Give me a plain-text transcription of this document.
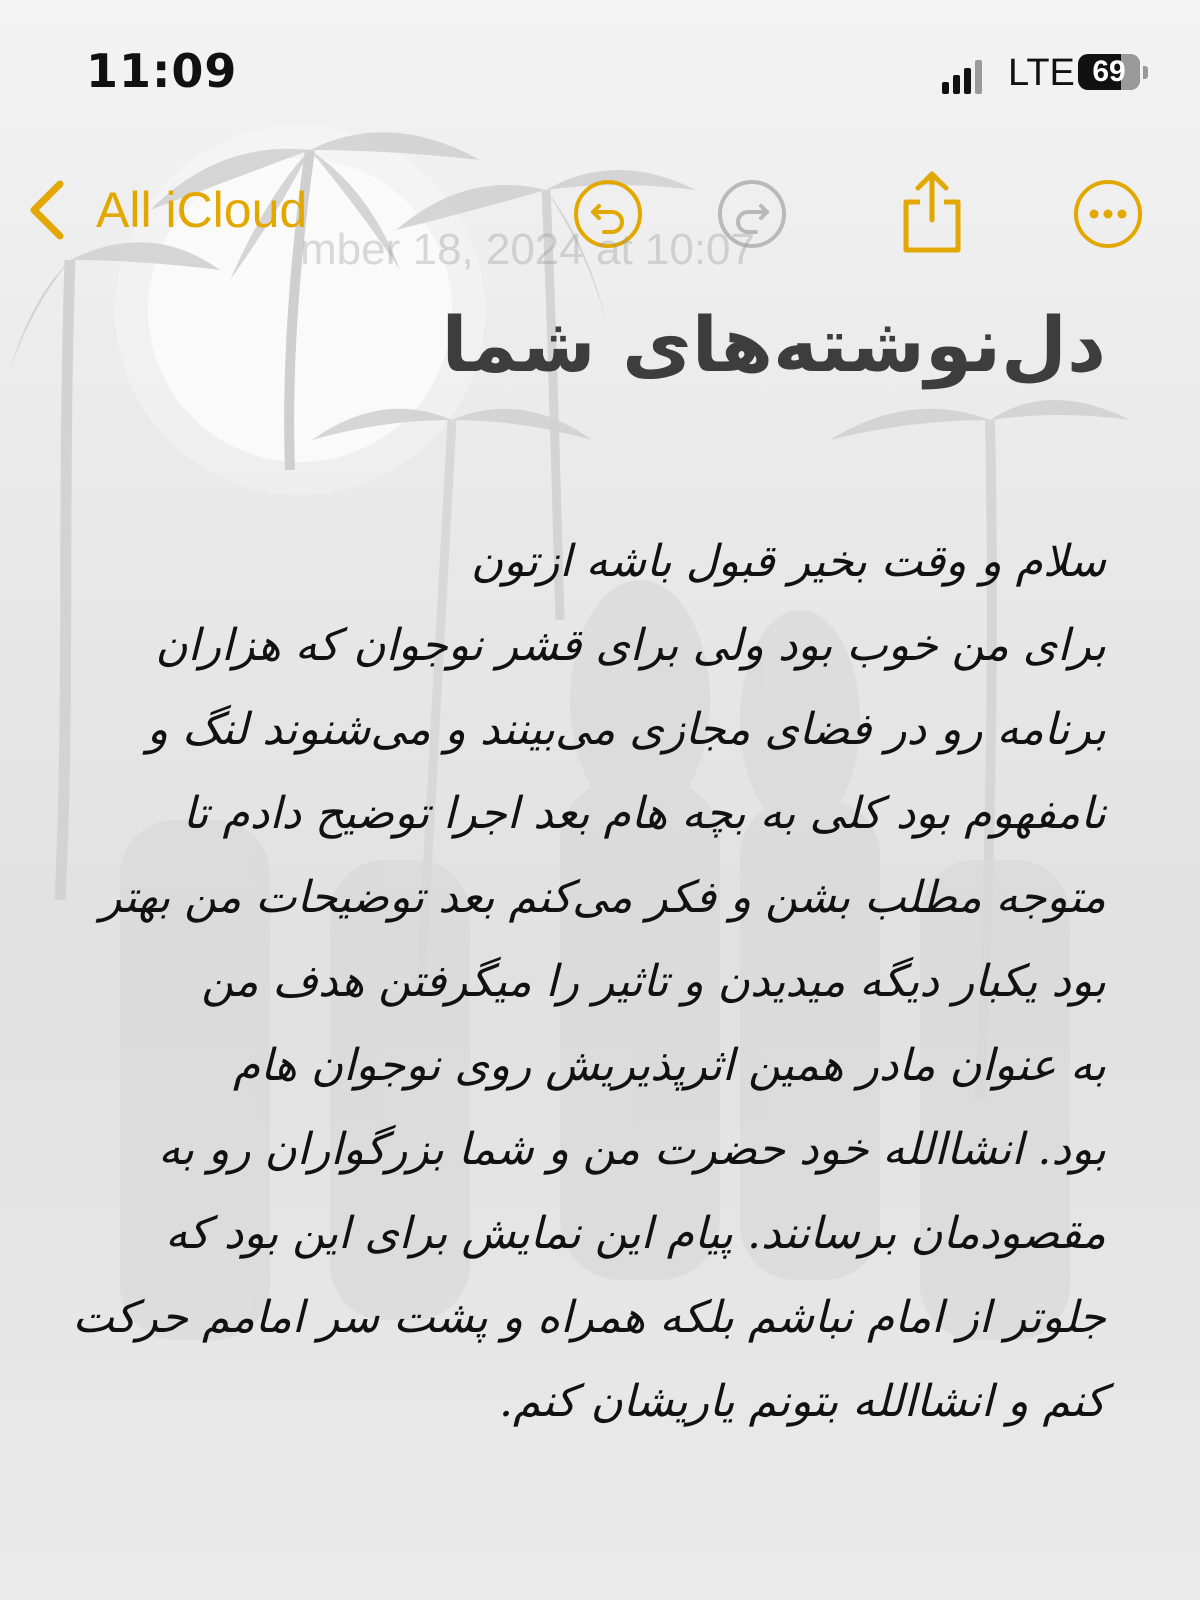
11:09	LTE 69
All iCloud
mber 18, 2024 at 10:07
دل‌نوشته‌های شما
سلام و وقت بخیر قبول باشه ازتون
برای من خوب بود ولی برای قشر نوجوان که هزاران
برنامه رو در فضای مجازی می‌بینند و می‌شنوند لنگ و
نامفهوم بود کلی به بچه هام بعد اجرا توضیح دادم تا
متوجه مطلب بشن و فکر می‌کنم بعد توضیحات من بهتر
بود یکبار دیگه میدیدن و تاثیر را میگرفتن هدف من
به عنوان مادر همین اثرپذیریش روی نوجوان هام
بود. انشاالله خود حضرت من و شما بزرگواران رو به
مقصودمان برسانند. پیام این نمایش برای این بود که
جلوتر از امام نباشم بلکه همراه و پشت سر امامم حرکت
کنم و انشاالله بتونم یاریشان کنم.
